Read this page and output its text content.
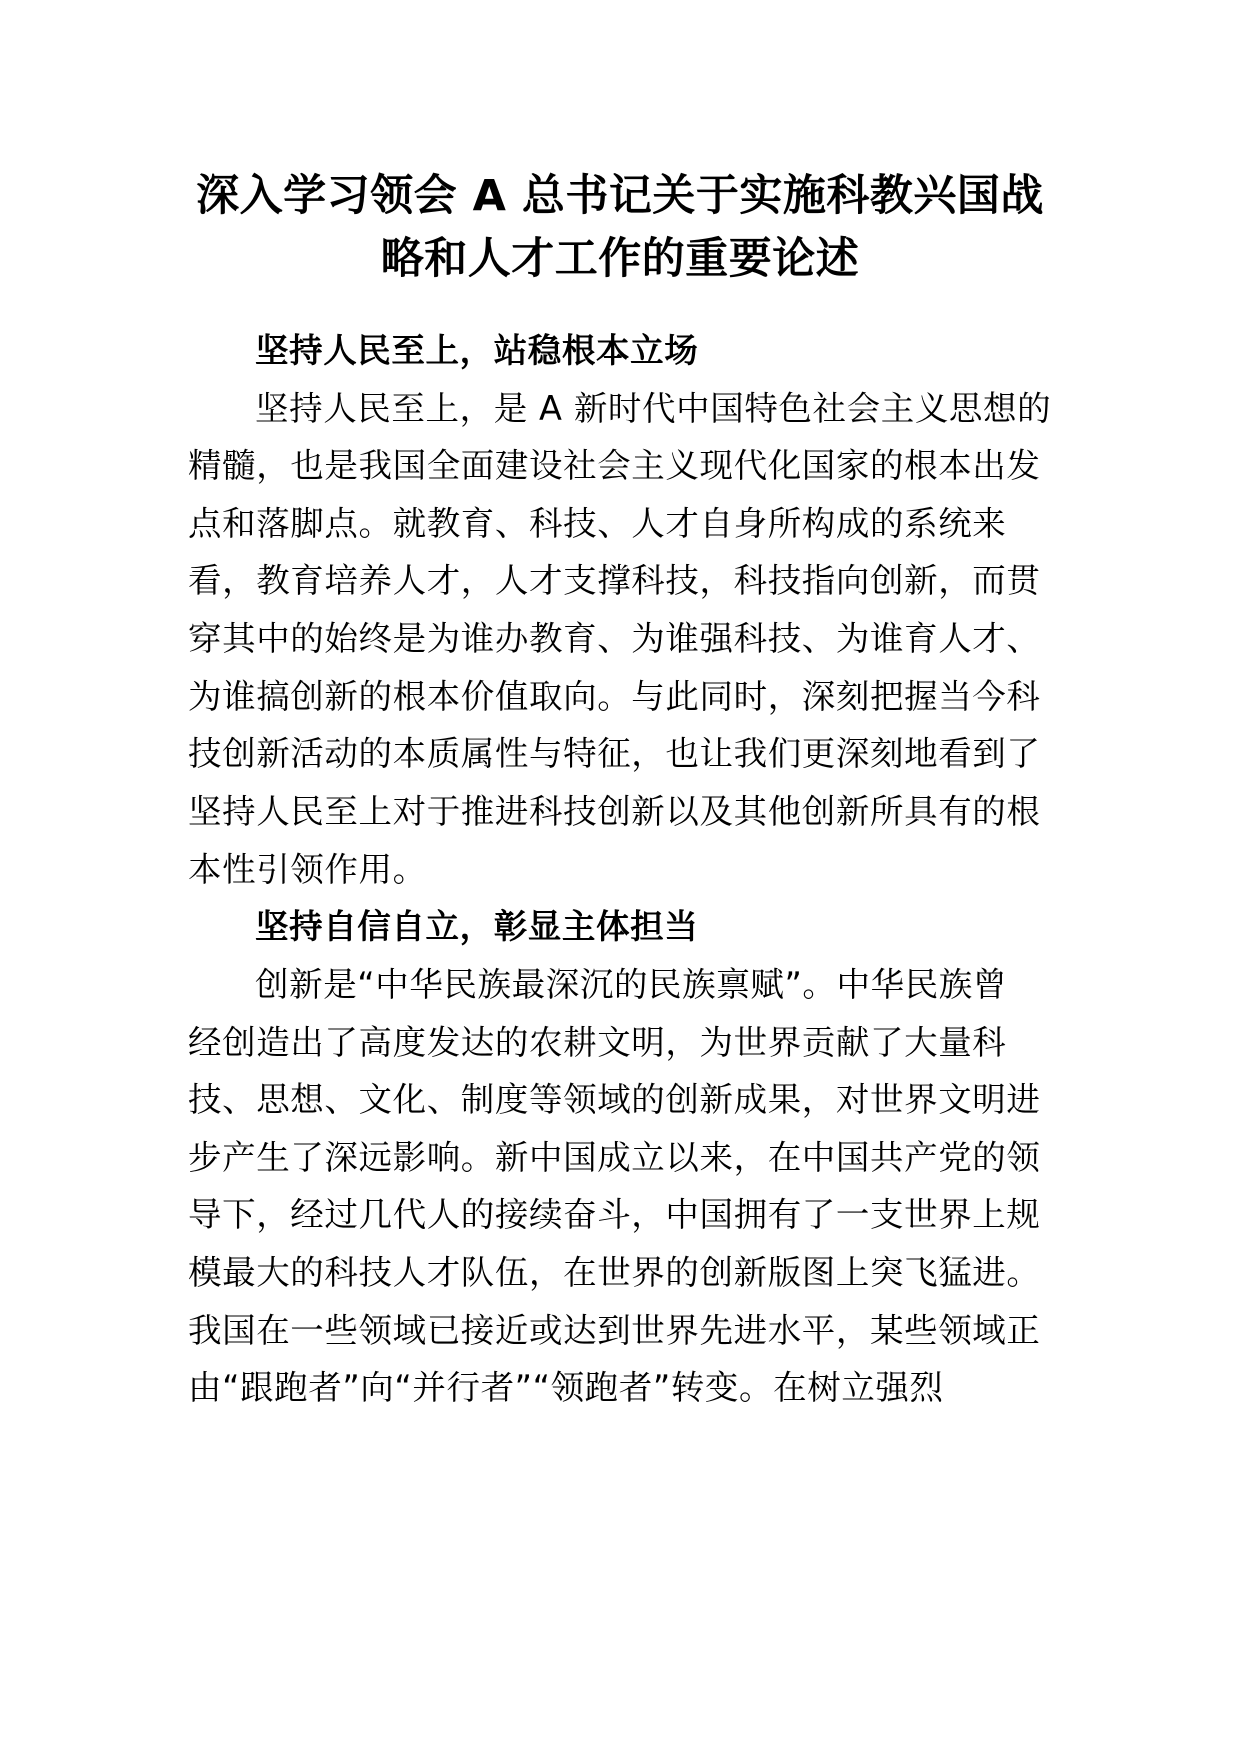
深入学习领会 A 总书记关于实施科教兴国战
略和人才工作的重要论述
坚持人民至上，站稳根本立场
坚持人民至上，是 A 新时代中国特色社会主义思想的
精髓，也是我国全面建设社会主义现代化国家的根本出发
点和落脚点。就教育、科技、人才自身所构成的系统来
看，教育培养人才，人才支撑科技，科技指向创新，而贯
穿其中的始终是为谁办教育、为谁强科技、为谁育人才、
为谁搞创新的根本价值取向。与此同时，深刻把握当今科
技创新活动的本质属性与特征，也让我们更深刻地看到了
坚持人民至上对于推进科技创新以及其他创新所具有的根
本性引领作用。
坚持自信自立，彰显主体担当
创新是“中华民族最深沉的民族禀赋”。中华民族曾
经创造出了高度发达的农耕文明，为世界贡献了大量科
技、思想、文化、制度等领域的创新成果，对世界文明进
步产生了深远影响。新中国成立以来，在中国共产党的领
导下，经过几代人的接续奋斗，中国拥有了一支世界上规
模最大的科技人才队伍，在世界的创新版图上突飞猛进。
我国在一些领域已接近或达到世界先进水平，某些领域正
由“跟跑者”向“并行者”“领跑者”转变。在树立强烈
